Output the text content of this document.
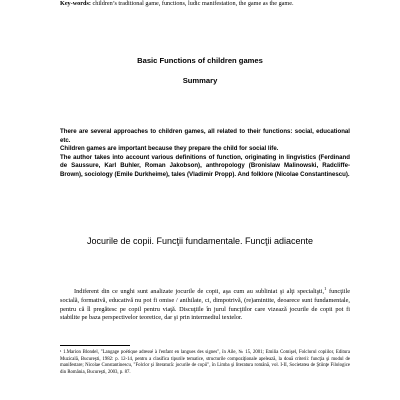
Key-words: children’s traditional game, functions, ludic manifestation, the game as the game.
Basic Functions of children games
Summary

There are several approaches to children games, all related to their functions: social, educational etc.

Children games are important because they prepare the child for social life.

The author takes into account various definitions of function, originating in lingvistics (Ferdinand de Saussure, Karl Buhler, Roman Jakobson), anthropology (Bronislaw Malinowski, Radcliffe-Brown), sociology (Emile Durkheime), tales (Vladimir Propp). And folklore (Nicolae Constantinescu).

Jocurile de copii. Funcţii fundamentale. Funcţii adiacente

Indiferent din ce unghi sunt analizate jocurile de copii, aşa cum au subliniat şi alţi specialişti,$^1$ funcţiile socială, formativă, educativă nu pot fi omise / anihilate, ci, dimpotrivă, (re)amintite, deoarece sunt fundamentale, pentru că îl pregătesc pe copil pentru viaţă. Discuţiile în jurul funcţiilor care vizează jocurile de copii pot fi stabilite pe baza perspectivelor teoretice, dar şi prin intermediul textelor.

¹ 1.Marion Blondel, "Langage poétique adressé à l'enfant en langues des signes", în Aile, № 15, 2001; Emilia Comişel, Folclorul copiilor, Editura Muzicală, Bucureşti, 1982: p. 12-14, pentru a clasifica tipurile tematice, structurile compoziţionale apelează, la două criterii: funcţia şi modul de manifestare; Nicolae Constantinescu, "Folclor şi literatură: jocurile de copii", în Limba şi literatura română, vol. I-II, Societatea de Ştiinţe Filologice din România, Bucureşti, 2003, p. 87.
